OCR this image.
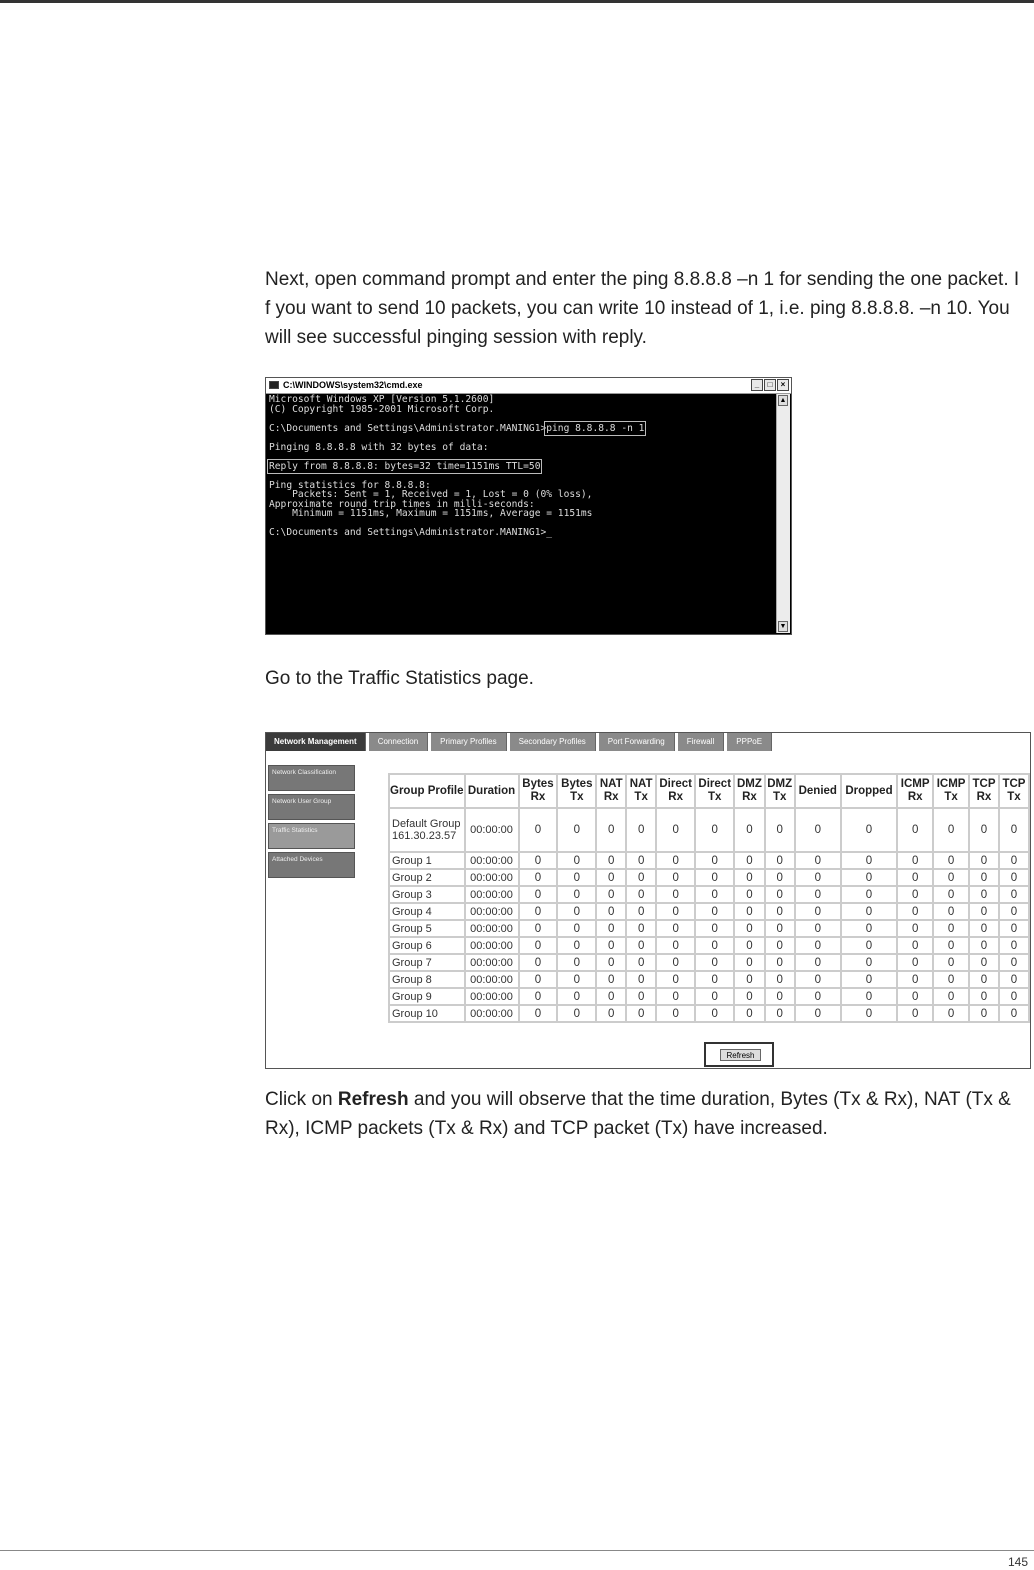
Next, open command prompt and enter the ping 8.8.8.8 –n 1 for sending the one packet. I f you want to send 10 packets, you can write 10 instead of 1, i.e. ping 8.8.8.8. –n 10. You will see successful pinging session with reply.

C:\WINDOWS\system32\cmd.exe	_	□	×
Microsoft Windows XP [Version 5.1.2600]
(C) Copyright 1985-2001 Microsoft Corp.
C:\Documents and Settings\Administrator.MANING1>ping 8.8.8.8 -n 1
Pinging 8.8.8.8 with 32 bytes of data:
Reply from 8.8.8.8: bytes=32 time=1151ms TTL=50
Ping statistics for 8.8.8.8:
Packets: Sent = 1, Received = 1, Lost = 0 (0% loss),
Approximate round trip times in milli-seconds:
Minimum = 1151ms, Maximum = 1151ms, Average = 1151ms
C:\Documents and Settings\Administrator.MANING1>_
▲
▼

Go to the Traffic Statistics page.

Network Management	Connection	Primary Profiles	Secondary Profiles	Port Forwarding	Firewall	PPPoE
Network Classification
Network User Group
Traffic Statistics
Attached Devices
Group Profile	Duration	Bytes Rx	Bytes Tx	NAT Rx	NAT Tx	Direct Rx	Direct Tx	DMZ Rx	DMZ Tx	Denied	Dropped	ICMP Rx	ICMP Tx	TCP Rx	TCP Tx
Default Group 161.30.23.57	00:00:00	0	0	0	0	0	0	0	0	0	0	0	0	0	0
Group 1	00:00:00	0	0	0	0	0	0	0	0	0	0	0	0	0	0
Group 2	00:00:00	0	0	0	0	0	0	0	0	0	0	0	0	0	0
Group 3	00:00:00	0	0	0	0	0	0	0	0	0	0	0	0	0	0
Group 4	00:00:00	0	0	0	0	0	0	0	0	0	0	0	0	0	0
Group 5	00:00:00	0	0	0	0	0	0	0	0	0	0	0	0	0	0
Group 6	00:00:00	0	0	0	0	0	0	0	0	0	0	0	0	0	0
Group 7	00:00:00	0	0	0	0	0	0	0	0	0	0	0	0	0	0
Group 8	00:00:00	0	0	0	0	0	0	0	0	0	0	0	0	0	0
Group 9	00:00:00	0	0	0	0	0	0	0	0	0	0	0	0	0	0
Group 10	00:00:00	0	0	0	0	0	0	0	0	0	0	0	0	0	0
Refresh

Click on Refresh and you will observe that the time duration, Bytes (Tx & Rx), NAT (Tx & Rx), ICMP packets (Tx & Rx) and TCP packet (Tx) have increased.

145
